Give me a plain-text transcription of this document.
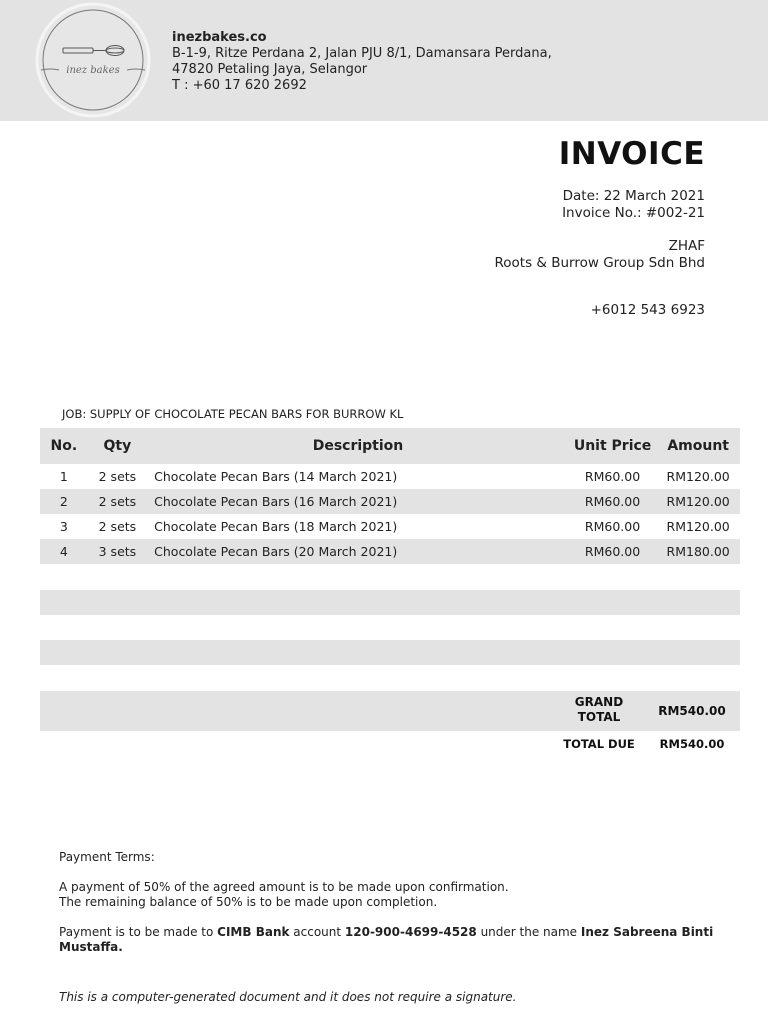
inez bakes
inezbakes.co
B-1-9, Ritze Perdana 2, Jalan PJU 8/1, Damansara Perdana,
47820 Petaling Jaya, Selangor
T : +60 17 620 2692
INVOICE
Date: 22 March 2021
Invoice No.: #002-21
ZHAF
Roots & Burrow Group Sdn Bhd
+6012 543 6923
JOB: SUPPLY OF CHOCOLATE PECAN BARS FOR BURROW KL
No.	Qty	Description	Unit Price	Amount
1	2 sets	Chocolate Pecan Bars (14 March 2021)	RM60.00	RM120.00
2	2 sets	Chocolate Pecan Bars (16 March 2021)	RM60.00	RM120.00
3	2 sets	Chocolate Pecan Bars (18 March 2021)	RM60.00	RM120.00
4	3 sets	Chocolate Pecan Bars (20 March 2021)	RM60.00	RM180.00
GRAND
TOTAL	RM540.00
TOTAL DUE	RM540.00

Payment Terms:

A payment of 50% of the agreed amount is to be made upon confirmation.

The remaining balance of 50% is to be made upon completion.

Payment is to be made to CIMB Bank account 120-900-4699-4528 under the name Inez Sabreena Binti Mustaffa.

This is a computer-generated document and it does not require a signature.
